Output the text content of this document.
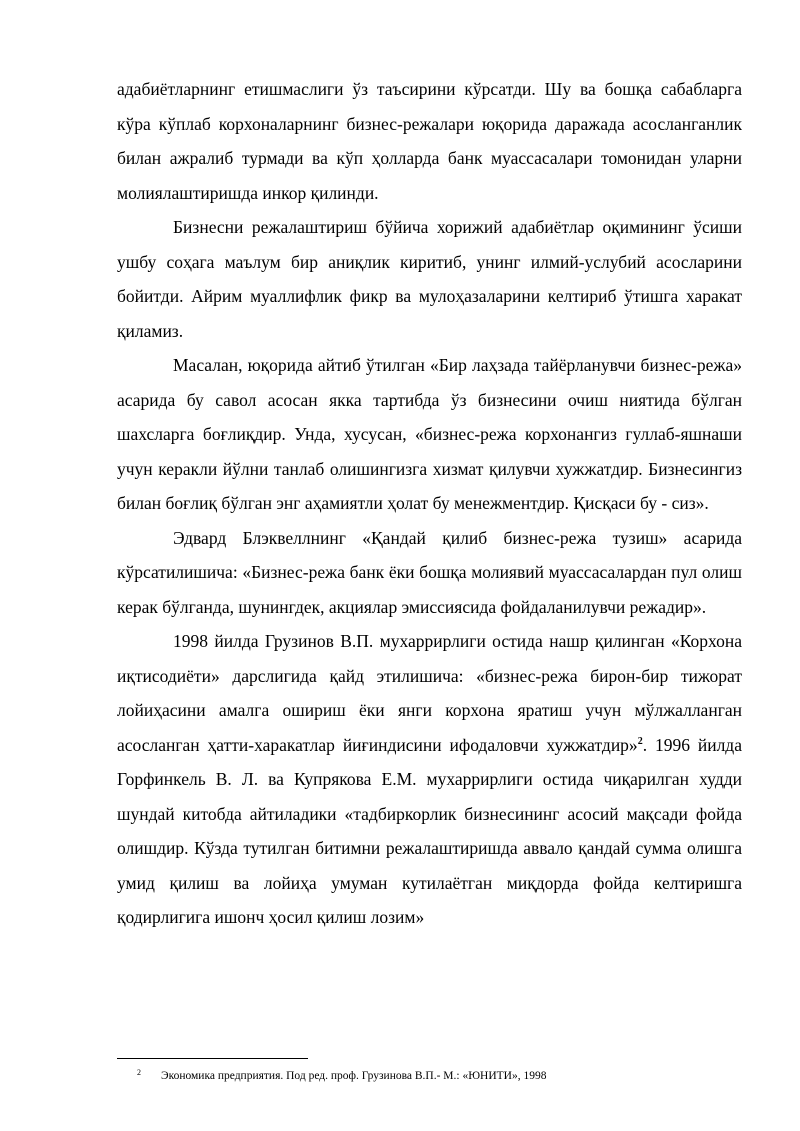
адабиётларнинг етишмаслиги ўз таъсирини кўрсатди. Шу ва бошқа сабабларга кўра кўплаб корхоналарнинг бизнес-режалари юқорида даражада асосланганлик билан ажралиб турмади ва кўп ҳолларда банк муассасалари томонидан уларни молиялаштиришда инкор қилинди.

Бизнесни режалаштириш бўйича хорижий адабиётлар оқимининг ўсиши ушбу соҳага маълум бир аниқлик киритиб, унинг илмий-услубий асосларини бойитди. Айрим муаллифлик фикр ва мулоҳазаларини келтириб ўтишга харакат қиламиз.

Масалан, юқорида айтиб ўтилган «Бир лаҳзада тайёрланувчи бизнес-режа» асарида бу савол асосан якка тартибда ўз бизнесини очиш ниятида бўлган шахсларга боғлиқдир. Унда, хусусан, «бизнес-режа корхонангиз гуллаб-яшнаши учун керакли йўлни танлаб олишингизга хизмат қилувчи хужжатдир. Бизнесингиз билан боғлиқ бўлган энг аҳамиятли ҳолат бу менежментдир. Қисқаси бу - сиз».

Эдвард Блэквеллнинг «Қандай қилиб бизнес-режа тузиш» асарида кўрсатилишича: «Бизнес-режа банк ёки бошқа молиявий муассасалардан пул олиш керак бўлганда, шунингдек, акциялар эмиссиясида фойдаланилувчи режадир».

1998 йилда Грузинов В.П. мухаррирлиги остида нашр қилинган «Корхона иқтисодиёти» дарслигида қайд этилишича: «бизнес-режа бирон-бир тижорат лойиҳасини амалга ошириш ёки янги корхона яратиш учун мўлжалланган асосланган ҳатти-харакатлар йиғиндисини ифодаловчи хужжатдир»$^2$. 1996 йилда Горфинкель В. Л. ва Купрякова Е.М. мухаррирлиги остида чиқарилган худди шундай китобда айтиладики «тадбиркорлик бизнесининг асосий мақсади фойда олишдир. Кўзда тутилган битимни режалаштиришда аввало қандай сумма олишга умид қилиш ва лойиҳа умуман кутилаётган миқдорда фойда келтиришга қодирлигига ишонч ҳосил қилиш лозим»

2 Экономика предприятия. Под ред. проф. Грузинова В.П.- М.: «ЮНИТИ», 1998
